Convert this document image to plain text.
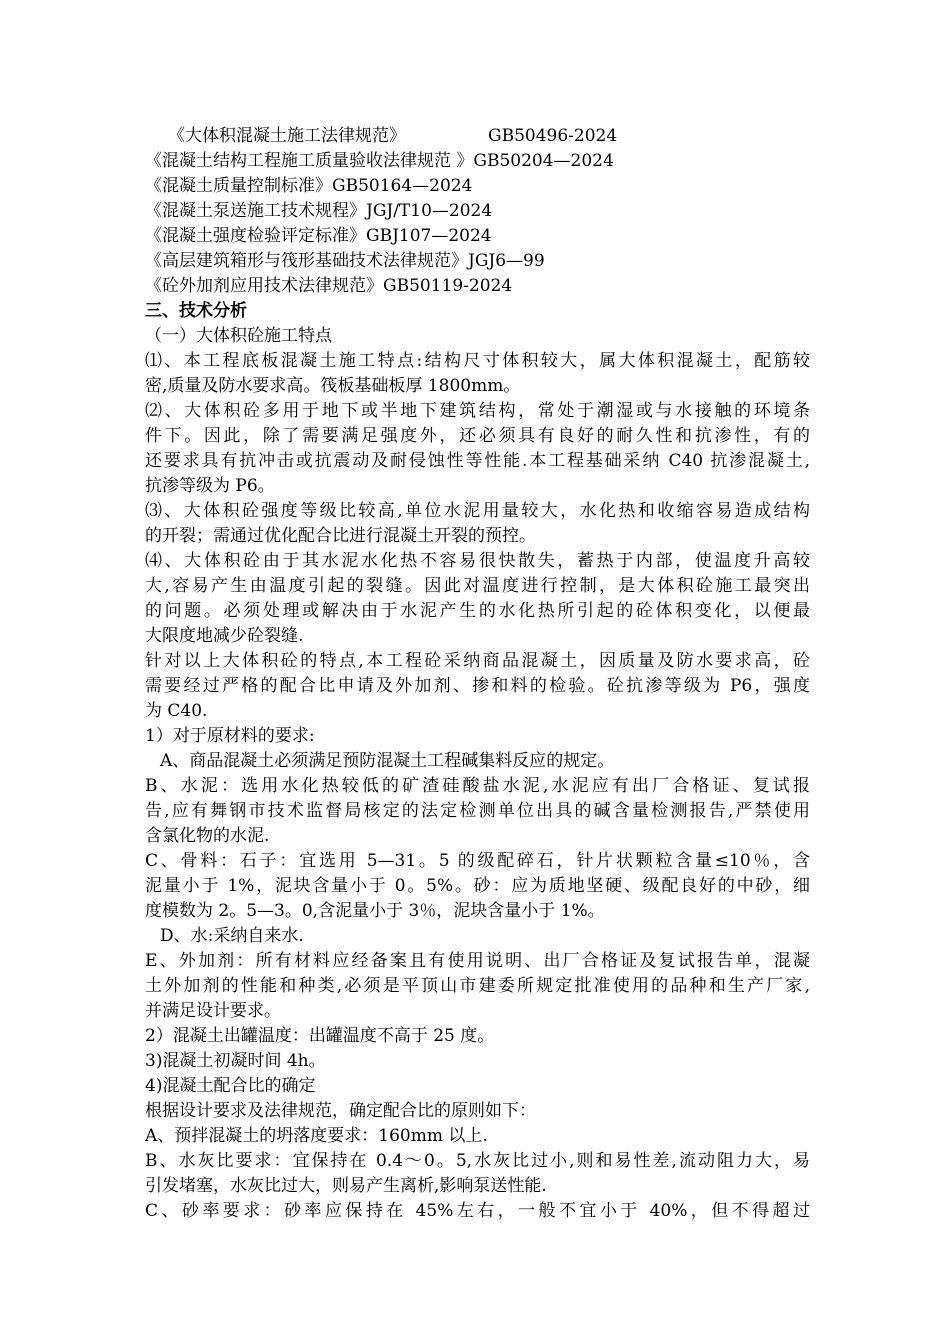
《大体积混凝土施工法律规范》	GB50496-2024
《混凝土结构工程施工质量验收法律规范 》GB50204—2024
《混凝土质量控制标准》GB50164—2024
《混凝土泵送施工技术规程》JGJ/T10—2024
《混凝土强度检验评定标准》GBJ107—2024
《高层建筑箱形与筏形基础技术法律规范》JGJ6—99
《砼外加剂应用技术法律规范》GB50119-2024
三、技术分析
（一）大体积砼施工特点
⑴、本工程底板混凝土施工特点:结构尺寸体积较大，属大体积混凝土，配筋较
密,质量及防水要求高。筏板基础板厚 1800mm。
⑵、大体积砼多用于地下或半地下建筑结构，常处于潮湿或与水接触的环境条
件下。因此，除了需要满足强度外，还必须具有良好的耐久性和抗渗性，有的
还要求具有抗冲击或抗震动及耐侵蚀性等性能.本工程基础采纳 C40 抗渗混凝土,
抗渗等级为 P6。
⑶、大体积砼强度等级比较高,单位水泥用量较大，水化热和收缩容易造成结构
的开裂；需通过优化配合比进行混凝土开裂的预控。
⑷、大体积砼由于其水泥水化热不容易很快散失，蓄热于内部，使温度升高较
大,容易产生由温度引起的裂缝。因此对温度进行控制，是大体积砼施工最突出
的问题。必须处理或解决由于水泥产生的水化热所引起的砼体积变化，以便最
大限度地减少砼裂缝.
针对以上大体积砼的特点,本工程砼采纳商品混凝土，因质量及防水要求高，砼
需要经过严格的配合比申请及外加剂、掺和料的检验。砼抗渗等级为 P6，强度
为 C40.
1）对于原材料的要求:
A、商品混凝土必须满足预防混凝土工程碱集料反应的规定。
B、水泥：选用水化热较低的矿渣硅酸盐水泥,水泥应有出厂合格证、复试报
告,应有舞钢市技术监督局核定的法定检测单位出具的碱含量检测报告,严禁使用
含氯化物的水泥.
C、骨料：石子：宜选用 5—31。5 的级配碎石，针片状颗粒含量≤10％，含
泥量小于 1%，泥块含量小于 0。5%。砂：应为质地坚硬、级配良好的中砂，细
度模数为 2。5—3。0,含泥量小于 3％，泥块含量小于 1%。
D、水:采纳自来水.
E、外加剂：所有材料应经备案且有使用说明、出厂合格证及复试报告单，混凝
土外加剂的性能和种类,必须是平顶山市建委所规定批准使用的品种和生产厂家,
并满足设计要求。
2）混凝土出罐温度：出罐温度不高于 25 度。
3)混凝土初凝时间 4h。
4)混凝土配合比的确定
根据设计要求及法律规范，确定配合比的原则如下：
A、预拌混凝土的坍落度要求：160mm 以上.
B、水灰比要求：宜保持在 0.4～0。5,水灰比过小,则和易性差,流动阻力大，易
引发堵塞，水灰比过大，则易产生离析,影响泵送性能.
C、砂率要求：砂率应保持在 45%左右，一般不宜小于 40%，但不得超过
